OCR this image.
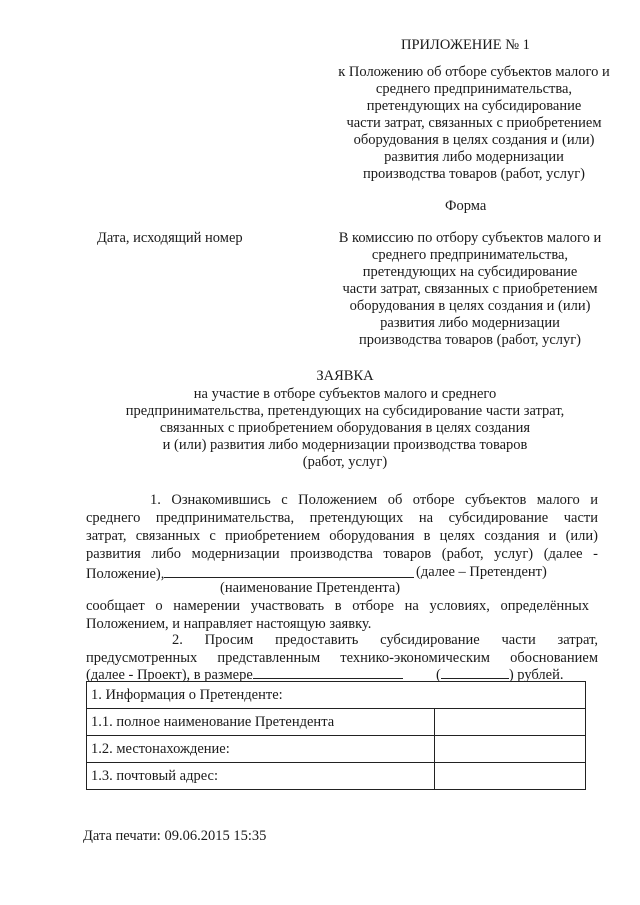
ПРИЛОЖЕНИЕ № 1
к Положению об отборе субъектов малого и
среднего предпринимательства,
претендующих на субсидирование
части затрат, связанных с приобретением
оборудования в целях создания и (или)
развития либо модернизации
производства товаров (работ, услуг)
Форма
Дата, исходящий номер	В комиссию по отбору субъектов малого и
среднего предпринимательства,
претендующих на субсидирование
части затрат, связанных с приобретением
оборудования в целях создания и (или)
развития либо модернизации
производства товаров (работ, услуг)
ЗАЯВКА
на участие в отборе субъектов малого и среднего
предпринимательства, претендующих на субсидирование части затрат,
связанных с приобретением оборудования в целях создания
и (или) развития либо модернизации производства товаров
(работ, услуг)
1. Ознакомившись с Положением об отборе субъектов малого и
среднего предпринимательства, претендующих на субсидирование части
затрат, связанных с приобретением оборудования в целях создания и (или)
развития либо модернизации производства товаров (работ, услуг) (далее -
Положение),	(далее – Претендент)
(наименование Претендента)
сообщает о намерении участвовать в отборе на условиях, определённых
Положением, и направляет настоящую заявку.
2. Просим предоставить субсидирование части затрат,
предусмотренных представленным технико-экономическим обоснованием
(далее - Проект), в размере	(	) рублей.
1. Информация о Претенденте:	
1.1. полное наименование Претендента	
1.2. местонахождение:	
1.3. почтовый адрес:	
Дата печати: 09.06.2015 15:35
